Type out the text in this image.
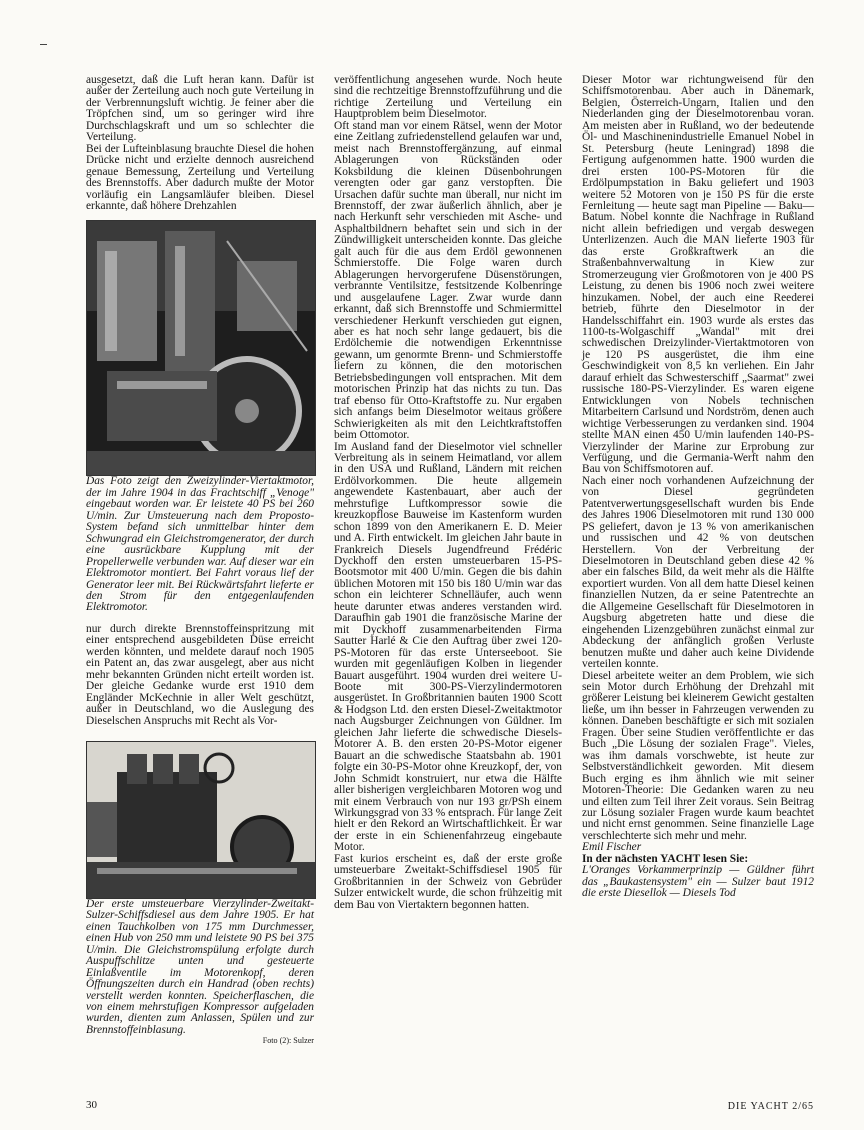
ausgesetzt, daß die Luft heran kann. Dafür ist außer der Zerteilung auch noch gute Verteilung in der Verbrennungsluft wichtig. Je feiner aber die Tröpfchen sind, um so geringer wird ihre Durchschlagskraft und um so schlechter die Verteilung.

Bei der Lufteinblasung brauchte Diesel die hohen Drücke nicht und erzielte dennoch ausreichend genaue Bemessung, Zerteilung und Verteilung des Brennstoffs. Aber dadurch mußte der Motor vorläufig ein Langsamläufer bleiben. Diesel erkannte, daß höhere Drehzahlen

Das Foto zeigt den Zweizylinder-Viertaktmotor, der im Jahre 1904 in das Frachtschiff „Venoge" eingebaut worden war. Er leistete 40 PS bei 260 U/min. Zur Umsteuerung nach dem Proposto-System befand sich unmittelbar hinter dem Schwungrad ein Gleichstromgenerator, der durch eine ausrückbare Kupplung mit der Propellerwelle verbunden war. Auf dieser war ein Elektromotor montiert. Bei Fahrt voraus lief der Generator leer mit. Bei Rückwärtsfahrt lieferte er den Strom für den entgegenlaufenden Elektromotor.

nur durch direkte Brennstoffeinspritzung mit einer entsprechend ausgebildeten Düse erreicht werden könnten, und meldete darauf noch 1905 ein Patent an, das zwar ausgelegt, aber aus nicht mehr bekannten Gründen nicht erteilt worden ist. Der gleiche Gedanke wurde erst 1910 dem Engländer McKechnie in aller Welt geschützt, außer in Deutschland, wo die Auslegung des Dieselschen Anspruchs mit Recht als Vor-

Der erste umsteuerbare Vierzylinder-Zweitakt-Sulzer-Schiffsdiesel aus dem Jahre 1905. Er hat einen Tauchkolben von 175 mm Durchmesser, einen Hub von 250 mm und leistete 90 PS bei 375 U/min. Die Gleichstromspülung erfolgte durch Auspuffschlitze unten und gesteuerte Einlaßventile im Motorenkopf, deren Öffnungszeiten durch ein Handrad (oben rechts) verstellt werden konnten. Speicherflaschen, die von einem mehrstufigen Kompressor aufgeladen wurden, dienten zum Anlassen, Spülen und zur Brennstoffeinblasung.

Foto (2): Sulzer

veröffentlichung angesehen wurde. Noch heute sind die rechtzeitige Brennstoffzuführung und die richtige Zerteilung und Verteilung ein Hauptproblem beim Dieselmotor.

Oft stand man vor einem Rätsel, wenn der Motor eine Zeitlang zufriedenstellend gelaufen war und, meist nach Brennstoffergänzung, auf einmal Ablagerungen von Rückständen oder Koksbildung die kleinen Düsenbohrungen verengten oder gar ganz verstopften. Die Ursachen dafür suchte man überall, nur nicht im Brennstoff, der zwar äußerlich ähnlich, aber je nach Herkunft sehr verschieden mit Asche- und Asphaltbildnern behaftet sein und sich in der Zündwilligkeit unterscheiden konnte. Das gleiche galt auch für die aus dem Erdöl gewonnenen Schmierstoffe. Die Folge waren durch Ablagerungen hervorgerufene Düsenstörungen, verbrannte Ventilsitze, festsitzende Kolbenringe und ausgelaufene Lager. Zwar wurde dann erkannt, daß sich Brennstoffe und Schmiermittel verschiedener Herkunft verschieden gut eignen, aber es hat noch sehr lange gedauert, bis die Erdölchemie die notwendigen Erkenntnisse gewann, um genormte Brenn- und Schmierstoffe liefern zu können, die den motorischen Betriebsbedingungen voll entsprachen. Mit dem motorischen Prinzip hat das nichts zu tun. Das traf ebenso für Otto-Kraftstoffe zu. Nur ergaben sich anfangs beim Dieselmotor weitaus größere Schwierigkeiten als mit den Leichtkraftstoffen beim Ottomotor.

Im Ausland fand der Dieselmotor viel schneller Verbreitung als in seinem Heimatland, vor allem in den USA und Rußland, Ländern mit reichen Erdölvorkommen. Die heute allgemein angewendete Kastenbauart, aber auch der mehrstufige Luftkompressor sowie die kreuzkopflose Bauweise im Kastenform wurden schon 1899 von den Amerikanern E. D. Meier und A. Firth entwickelt. Im gleichen Jahr baute in Frankreich Diesels Jugendfreund Frédéric Dyckhoff den ersten umsteuerbaren 15-PS-Bootsmotor mit 400 U/min. Gegen die bis dahin üblichen Motoren mit 150 bis 180 U/min war das schon ein leichterer Schnelläufer, auch wenn heute darunter etwas anderes verstanden wird. Daraufhin gab 1901 die französische Marine der mit Dyckhoff zusammenarbeitenden Firma Sautter Harlé & Cie den Auftrag über zwei 120-PS-Motoren für das erste Unterseeboot. Sie wurden mit gegenläufigen Kolben in liegender Bauart ausgeführt. 1904 wurden drei weitere U-Boote mit 300-PS-Vierzylindermotoren ausgerüstet. In Großbritannien bauten 1900 Scott & Hodgson Ltd. den ersten Diesel-Zweitaktmotor nach Augsburger Zeichnungen von Güldner. Im gleichen Jahr lieferte die schwedische Diesels-Motorer A. B. den ersten 20-PS-Motor eigener Bauart an die schwedische Staatsbahn ab. 1901 folgte ein 30-PS-Motor ohne Kreuzkopf, der, von John Schmidt konstruiert, nur etwa die Hälfte aller bisherigen vergleichbaren Motoren wog und mit einem Verbrauch von nur 193 gr/PSh einem Wirkungsgrad von 33 % entsprach. Für lange Zeit hielt er den Rekord an Wirtschaftlichkeit. Er war der erste in ein Schienenfahrzeug eingebaute Motor.

Fast kurios erscheint es, daß der erste große umsteuerbare Zweitakt-Schiffsdiesel 1905 für Großbritannien in der Schweiz von Gebrüder Sulzer entwickelt wurde, die schon frühzeitig mit dem Bau von Viertaktern begonnen hatten.

Dieser Motor war richtungweisend für den Schiffsmotorenbau. Aber auch in Dänemark, Belgien, Österreich-Ungarn, Italien und den Niederlanden ging der Dieselmotorenbau voran. Am meisten aber in Rußland, wo der bedeutende Öl- und Maschinenindustrielle Emanuel Nobel in St. Petersburg (heute Leningrad) 1898 die Fertigung aufgenommen hatte. 1900 wurden die drei ersten 100-PS-Motoren für die Erdölpumpstation in Baku geliefert und 1903 weitere 52 Motoren von je 150 PS für die erste Fernleitung — heute sagt man Pipeline — Baku—Batum. Nobel konnte die Nachfrage in Rußland nicht allein befriedigen und vergab deswegen Unterlizenzen. Auch die MAN lieferte 1903 für das erste Großkraftwerk an die Straßenbahnverwaltung in Kiew zur Stromerzeugung vier Großmotoren von je 400 PS Leistung, zu denen bis 1906 noch zwei weitere hinzukamen. Nobel, der auch eine Reederei betrieb, führte den Dieselmotor in der Handelsschiffahrt ein. 1903 wurde als erstes das 1100-ts-Wolgaschiff „Wandal" mit drei schwedischen Dreizylinder-Viertaktmotoren von je 120 PS ausgerüstet, die ihm eine Geschwindigkeit von 8,5 kn verliehen. Ein Jahr darauf erhielt das Schwesterschiff „Saarmat" zwei russische 180-PS-Vierzylinder. Es waren eigene Entwicklungen von Nobels technischen Mitarbeitern Carlsund und Nordström, denen auch wichtige Verbesserungen zu verdanken sind. 1904 stellte MAN einen 450 U/min laufenden 140-PS-Vierzylinder der Marine zur Erprobung zur Verfügung, und die Germania-Werft nahm den Bau von Schiffsmotoren auf.

Nach einer noch vorhandenen Aufzeichnung der von Diesel gegründeten Patentverwertungsgesellschaft wurden bis Ende des Jahres 1906 Dieselmotoren mit rund 130 000 PS geliefert, davon je 13 % von amerikanischen und russischen und 42 % von deutschen Herstellern. Von der Verbreitung der Dieselmotoren in Deutschland geben diese 42 % aber ein falsches Bild, da weit mehr als die Hälfte exportiert wurden. Von all dem hatte Diesel keinen finanziellen Nutzen, da er seine Patentrechte an die Allgemeine Gesellschaft für Dieselmotoren in Augsburg abgetreten hatte und diese die eingehenden Lizenzgebühren zunächst einmal zur Abdeckung der anfänglich großen Verluste benutzen mußte und daher auch keine Dividende verteilen konnte.

Diesel arbeitete weiter an dem Problem, wie sich sein Motor durch Erhöhung der Drehzahl mit größerer Leistung bei kleinerem Gewicht gestalten ließe, um ihn besser in Fahrzeugen verwenden zu können. Daneben beschäftigte er sich mit sozialen Fragen. Über seine Studien veröffentlichte er das Buch „Die Lösung der sozialen Frage". Vieles, was ihm damals vorschwebte, ist heute zur Selbstverständlichkeit geworden. Mit diesem Buch erging es ihm ähnlich wie mit seiner Motoren-Theorie: Die Gedanken waren zu neu und eilten zum Teil ihrer Zeit voraus. Sein Beitrag zur Lösung sozialer Fragen wurde kaum beachtet und nicht ernst genommen. Seine finanzielle Lage verschlechterte sich mehr und mehr.

Emil Fischer

In der nächsten YACHT lesen Sie:

L'Oranges Vorkammerprinzip — Güldner führt das „Baukastensystem" ein — Sulzer baut 1912 die erste Diesellok — Diesels Tod

30	DIE YACHT 2/65
